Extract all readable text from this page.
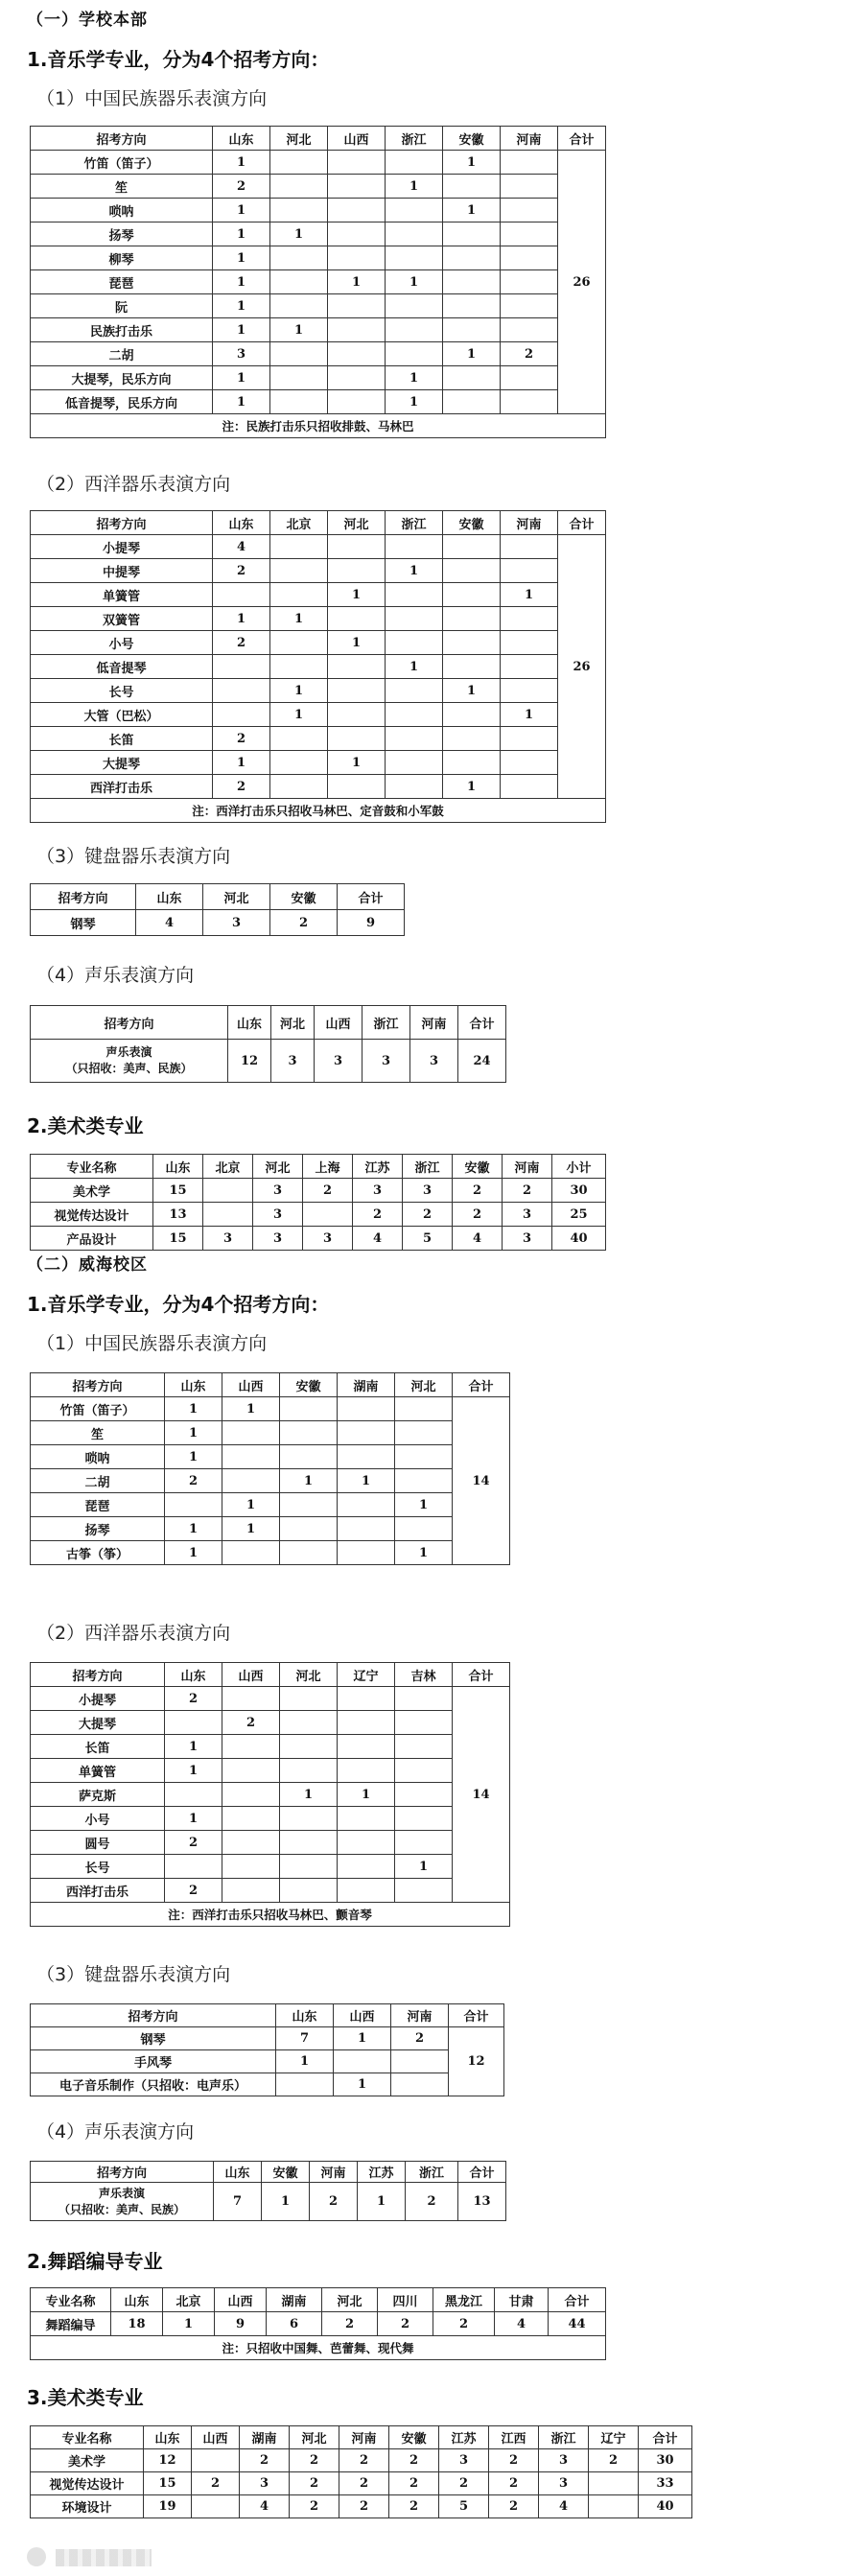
（一）学校本部
1.音乐学专业，分为4个招考方向：
（1）中国民族器乐表演方向
招考方向	山东	河北	山西	浙江	安徽	河南	合计
竹笛（笛子）	1				1		26
笙	2			1			
唢呐	1				1		
扬琴	1	1					
柳琴	1						
琵琶	1		1	1			
阮	1						
民族打击乐	1	1					
二胡	3				1	2	
大提琴，民乐方向	1			1			
低音提琴，民乐方向	1			1			
注：民族打击乐只招收排鼓、马林巴							
（2）西洋器乐表演方向
招考方向	山东	北京	河北	浙江	安徽	河南	合计
小提琴	4						26
中提琴	2			1			
单簧管			1			1	
双簧管	1	1					
小号	2		1				
低音提琴				1			
长号		1			1		
大管（巴松）		1				1	
长笛	2						
大提琴	1		1				
西洋打击乐	2				1		
注：西洋打击乐只招收马林巴、定音鼓和小军鼓							
（3）键盘器乐表演方向
招考方向	山东	河北	安徽	合计
钢琴	4	3	2	9
（4）声乐表演方向
招考方向	山东	河北	山西	浙江	河南	合计
声乐表演
（只招收：美声、民族）	12	3	3	3	3	24
2.美术类专业
专业名称	山东	北京	河北	上海	江苏	浙江	安徽	河南	小计
美术学	15		3	2	3	3	2	2	30
视觉传达设计	13		3		2	2	2	3	25
产品设计	15	3	3	3	4	5	4	3	40
（二）威海校区
1.音乐学专业，分为4个招考方向：
（1）中国民族器乐表演方向
招考方向	山东	山西	安徽	湖南	河北	合计
竹笛（笛子）	1	1				14
笙	1					
唢呐	1					
二胡	2		1	1		
琵琶		1			1	
扬琴	1	1				
古筝（筝）	1				1	
（2）西洋器乐表演方向
招考方向	山东	山西	河北	辽宁	吉林	合计
小提琴	2					14
大提琴		2				
长笛	1					
单簧管	1					
萨克斯			1	1		
小号	1					
圆号	2					
长号					1	
西洋打击乐	2					
注：西洋打击乐只招收马林巴、颤音琴						
（3）键盘器乐表演方向
招考方向	山东	山西	河南	合计
钢琴	7	1	2	12
手风琴	1			
电子音乐制作（只招收：电声乐）		1		
（4）声乐表演方向
招考方向	山东	安徽	河南	江苏	浙江	合计
声乐表演
（只招收：美声、民族）	7	1	2	1	2	13
2.舞蹈编导专业
专业名称	山东	北京	山西	湖南	河北	四川	黑龙江	甘肃	合计
舞蹈编导	18	1	9	6	2	2	2	4	44
注：只招收中国舞、芭蕾舞、现代舞									
3.美术类专业
专业名称	山东	山西	湖南	河北	河南	安徽	江苏	江西	浙江	辽宁	合计
美术学	12		2	2	2	2	3	2	3	2	30
视觉传达设计	15	2	3	2	2	2	2	2	3		33
环境设计	19		4	2	2	2	5	2	4		40
